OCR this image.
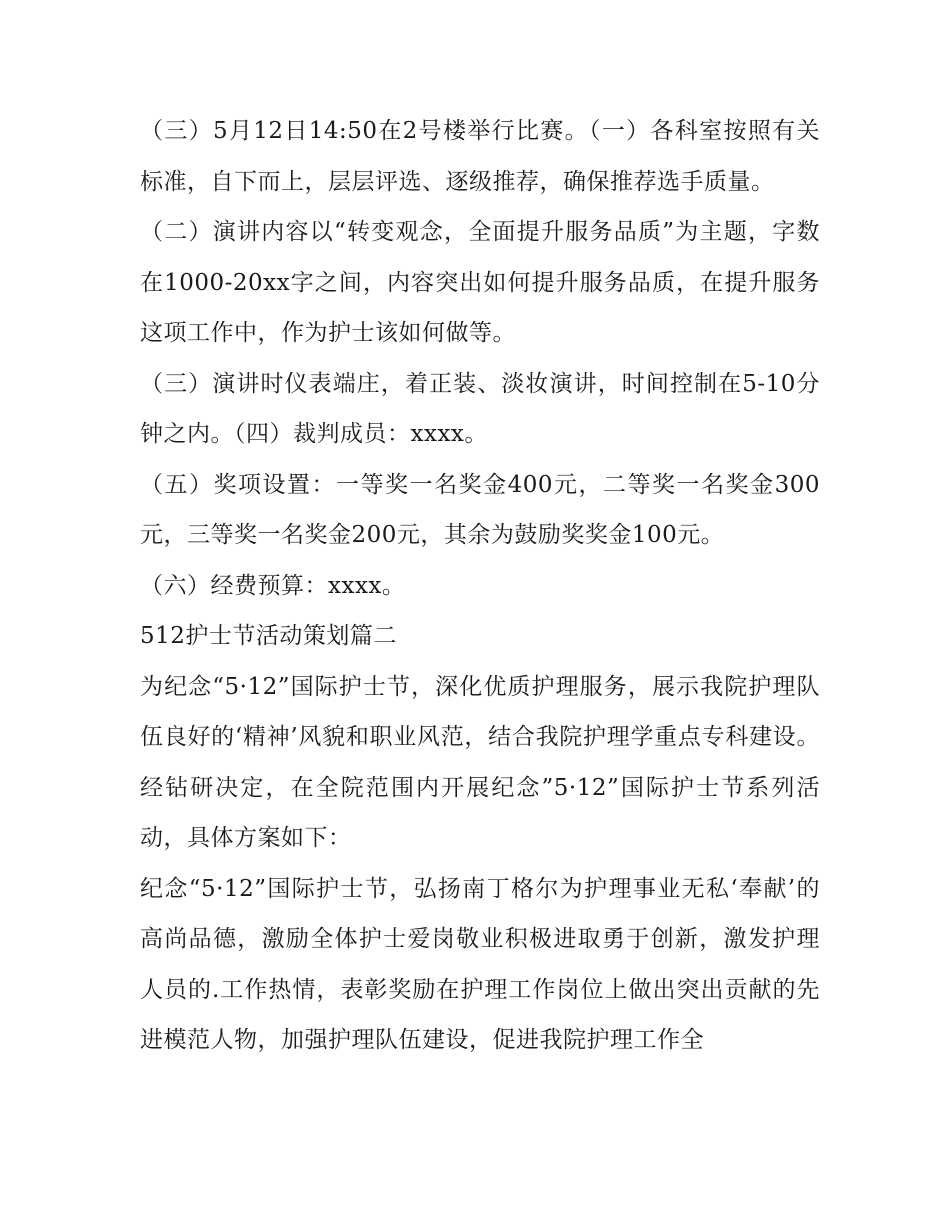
（三）5月12日14:50在2号楼举行比赛。（一）各科室按照有关标准，自下而上，层层评选、逐级推荐，确保推荐选手质量。

（二）演讲内容以“转变观念，全面提升服务品质”为主题，字数在1000-20xx字之间，内容突出如何提升服务品质，在提升服务这项工作中，作为护士该如何做等。

（三）演讲时仪表端庄，着正装、淡妆演讲，时间控制在5-10分钟之内。（四）裁判成员：xxxx。

（五）奖项设置：一等奖一名奖金400元，二等奖一名奖金300元，三等奖一名奖金200元，其余为鼓励奖奖金100元。

（六）经费预算：xxxx。

512护士节活动策划篇二

为纪念“5·12”国际护士节，深化优质护理服务，展示我院护理队伍良好的‘精神’风貌和职业风范，结合我院护理学重点专科建设。经钻研决定，在全院范围内开展纪念”5·12”国际护士节系列活动，具体方案如下：

纪念“5·12”国际护士节，弘扬南丁格尔为护理事业无私‘奉献’的高尚品德，激励全体护士爱岗敬业积极进取勇于创新，激发护理人员的.工作热情，表彰奖励在护理工作岗位上做出突出贡献的先进模范人物，加强护理队伍建设，促进我院护理工作全
